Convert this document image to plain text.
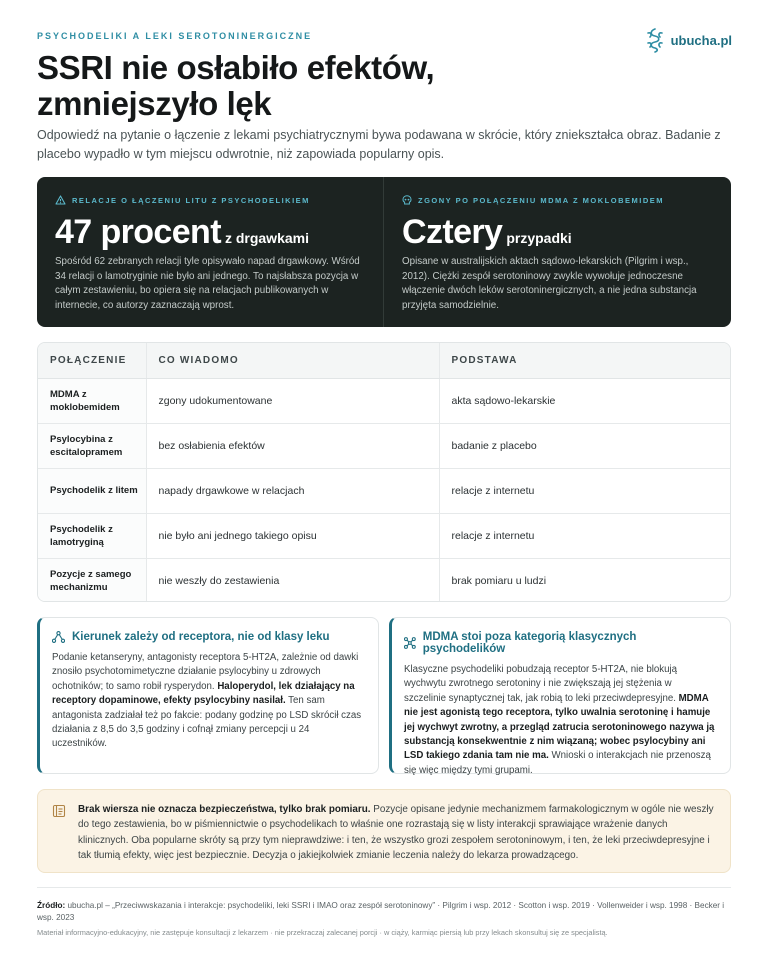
PSYCHODELIKI A LEKI SEROTONINERGICZNE	ubucha.pl
SSRI nie osłabiło efektów,
zmniejszyło lęk

Odpowiedź na pytanie o łączenie z lekami psychiatrycznymi bywa podawana w skrócie, który zniekształca obraz. Badanie z placebo wypadło w tym miejscu odwrotnie, niż zapowiada popularny opis.

RELACJE O ŁĄCZENIU LITU Z PSYCHODELIKIEM
47 procent z drgawkami

Spośród 62 zebranych relacji tyle opisywało napad drgawkowy. Wśród 34 relacji o lamotryginie nie było ani jednego. To najsłabsza pozycja w całym zestawieniu, bo opiera się na relacjach publikowanych w internecie, co autorzy zaznaczają wprost.

ZGONY PO POŁĄCZENIU MDMA Z MOKLOBEMIDEM
Cztery przypadki

Opisane w australijskich aktach sądowo-lekarskich (Pilgrim i wsp., 2012). Ciężki zespół serotoninowy zwykle wywołuje jednoczesne włączenie dwóch leków serotoninergicznych, a nie jedna substancja przyjęta samodzielnie.

POŁĄCZENIE	CO WIADOMO	PODSTAWA
MDMA z moklobemidem	zgony udokumentowane	akta sądowo-lekarskie
Psylocybina z escitalopramem	bez osłabienia efektów	badanie z placebo
Psychodelik z litem	napady drgawkowe w relacjach	relacje z internetu
Psychodelik z lamotryginą	nie było ani jednego takiego opisu	relacje z internetu
Pozycje z samego mechanizmu	nie weszły do zestawienia	brak pomiaru u ludzi
Kierunek zależy od receptora, nie od klasy leku

Podanie ketanseryny, antagonisty receptora 5-HT2A, zależnie od dawki znosiło psychotomimetyczne działanie psylocybiny u zdrowych ochotników; to samo robił rysperydon. Haloperydol, lek działający na receptory dopaminowe, efekty psylocybiny nasilał. Ten sam antagonista zadziałał też po fakcie: podany godzinę po LSD skrócił czas działania z 8,5 do 3,5 godziny i cofnął zmiany percepcji u 24 uczestników.

MDMA stoi poza kategorią klasycznych psychodelików

Klasyczne psychodeliki pobudzają receptor 5-HT2A, nie blokują wychwytu zwrotnego serotoniny i nie zwiększają jej stężenia w szczelinie synaptycznej tak, jak robią to leki przeciwdepresyjne. MDMA nie jest agonistą tego receptora, tylko uwalnia serotoninę i hamuje jej wychwyt zwrotny, a przegląd zatrucia serotoninowego nazywa ją substancją konsekwentnie z nim wiązaną; wobec psylocybiny ani LSD takiego zdania tam nie ma. Wnioski o interakcjach nie przenoszą się więc między tymi grupami.

Brak wiersza nie oznacza bezpieczeństwa, tylko brak pomiaru. Pozycje opisane jedynie mechanizmem farmakologicznym w ogóle nie weszły do tego zestawienia, bo w piśmiennictwie o psychodelikach to właśnie one rozrastają się w listy interakcji sprawiające wrażenie danych klinicznych. Oba popularne skróty są przy tym nieprawdziwe: i ten, że wszystko grozi zespołem serotoninowym, i ten, że leki przeciwdepresyjne i tak tłumią efekty, więc jest bezpiecznie. Decyzja o jakiejkolwiek zmianie leczenia należy do lekarza prowadzącego.

Źródło: ubucha.pl – „Przeciwwskazania i interakcje: psychodeliki, leki SSRI i IMAO oraz zespół serotoninowy” · Pilgrim i wsp. 2012 · Scotton i wsp. 2019 · Vollenweider i wsp. 1998 · Becker i wsp. 2023

Materiał informacyjno-edukacyjny, nie zastępuje konsultacji z lekarzem · nie przekraczaj zalecanej porcji · w ciąży, karmiąc piersią lub przy lekach skonsultuj się ze specjalistą.
